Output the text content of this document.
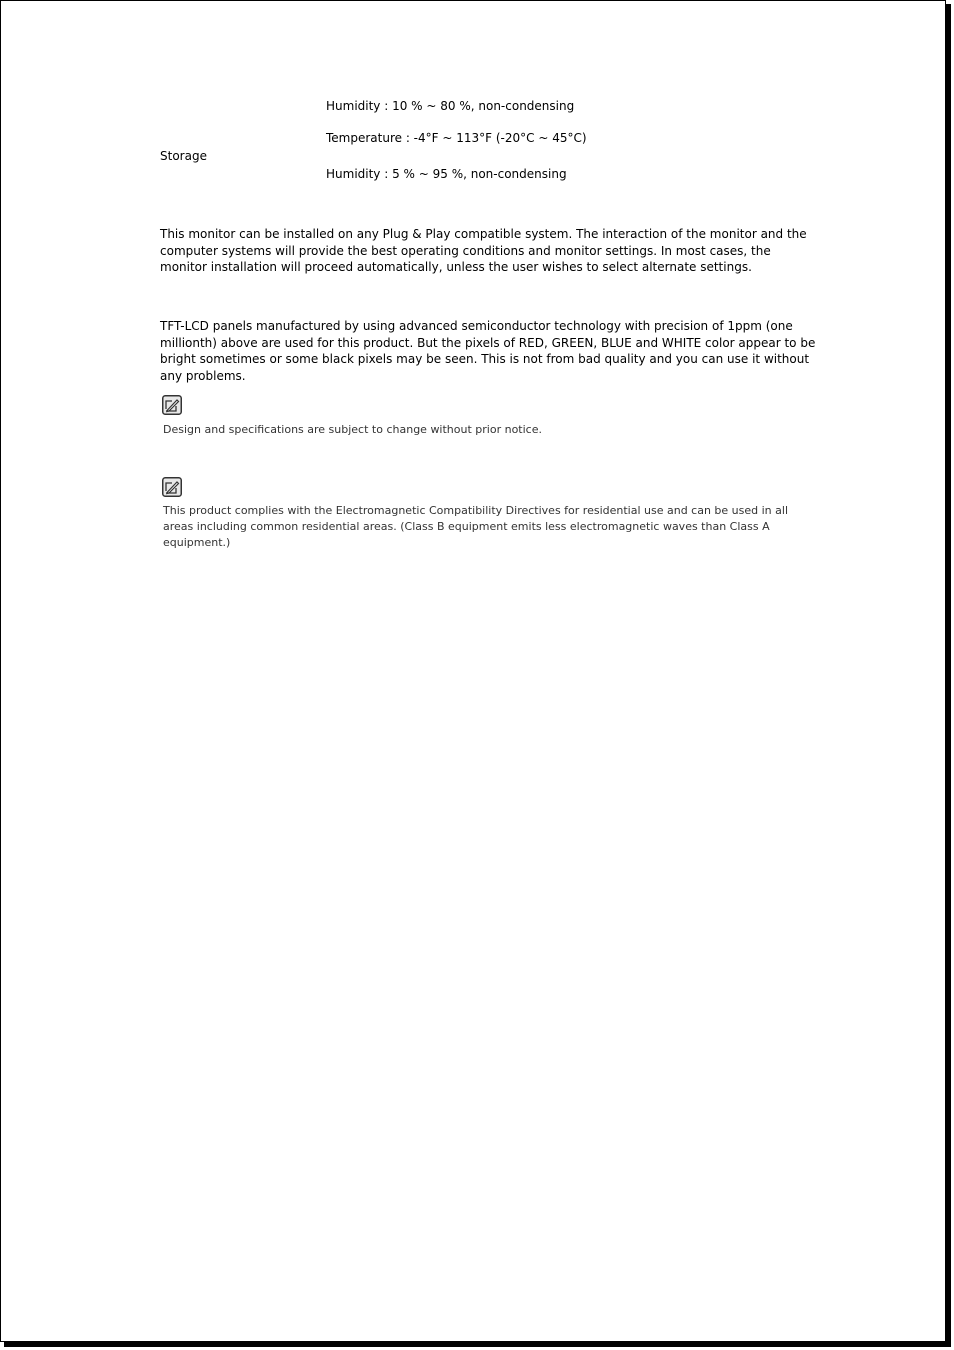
Humidity : 10 % ~ 80 %, non-condensing
Temperature : -4°F ~ 113°F (-20°C ~ 45°C)
Storage
Humidity : 5 % ~ 95 %, non-condensing
This monitor can be installed on any Plug & Play compatible system. The interaction of the monitor and the computer systems will provide the best operating conditions and monitor settings. In most cases, the monitor installation will proceed automatically, unless the user wishes to select alternate settings.
TFT-LCD panels manufactured by using advanced semiconductor technology with precision of 1ppm (one millionth) above are used for this product. But the pixels of RED, GREEN, BLUE and WHITE color appear to be bright sometimes or some black pixels may be seen. This is not from bad quality and you can use it without any problems.
Design and specifications are subject to change without prior notice.
This product complies with the Electromagnetic Compatibility Directives for residential use and can be used in all areas including common residential areas. (Class B equipment emits less electromagnetic waves than Class A equipment.)
